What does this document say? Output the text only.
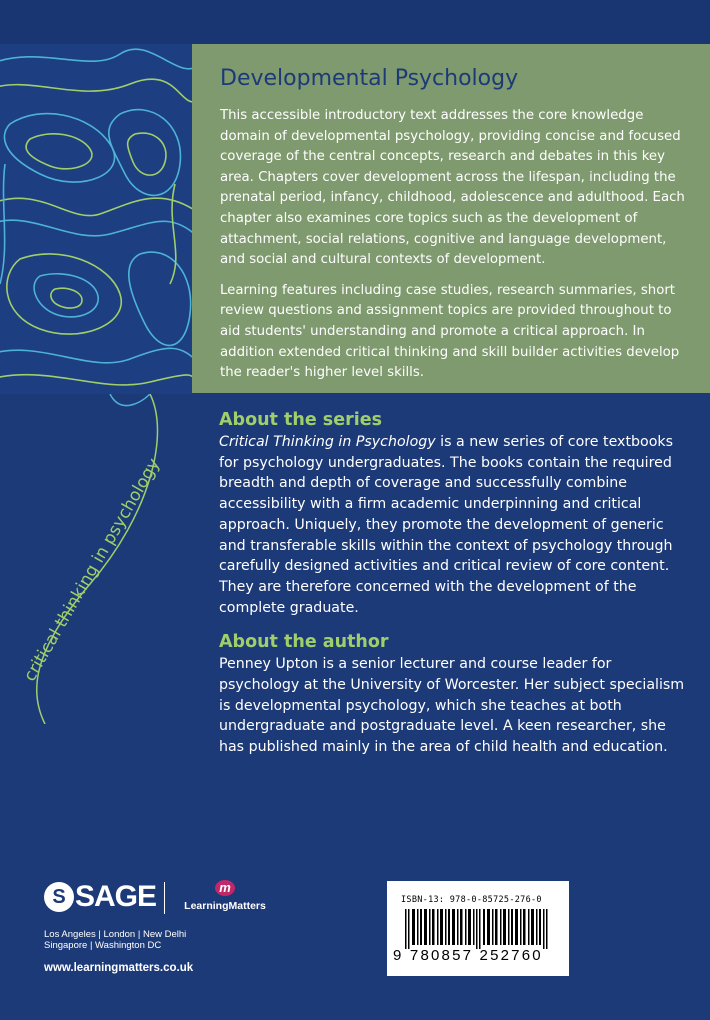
critical thinking in psychology
Developmental Psychology

This accessible introductory text addresses the core knowledge domain of developmental psychology, providing concise and focused coverage of the central concepts, research and debates in this key area. Chapters cover development across the lifespan, including the prenatal period, infancy, childhood, adolescence and adulthood. Each chapter also examines core topics such as the development of attachment, social relations, cognitive and language development, and social and cultural contexts of development.

Learning features including case studies, research summaries, short review questions and assignment topics are provided throughout to aid students' understanding and promote a critical approach. In addition extended critical thinking and skill builder activities develop the reader's higher level skills.

About the series

Critical Thinking in Psychology is a new series of core textbooks for psychology undergraduates. The books contain the required breadth and depth of coverage and successfully combine accessibility with a firm academic underpinning and critical approach. Uniquely, they promote the development of generic and transferable skills within the context of psychology through carefully designed activities and critical review of core content. They are therefore concerned with the development of the complete graduate.

About the author

Penney Upton is a senior lecturer and course leader for psychology at the University of Worcester. Her subject specialism is developmental psychology, which she teaches at both undergraduate and postgraduate level. A keen researcher, she has published mainly in the area of child health and education.

S SAGE	m
LearningMatters
Los Angeles | London | New Delhi
Singapore | Washington DC
www.learningmatters.co.uk
ISBN-13: 978-0-85725-276-0
9 780857 252760
